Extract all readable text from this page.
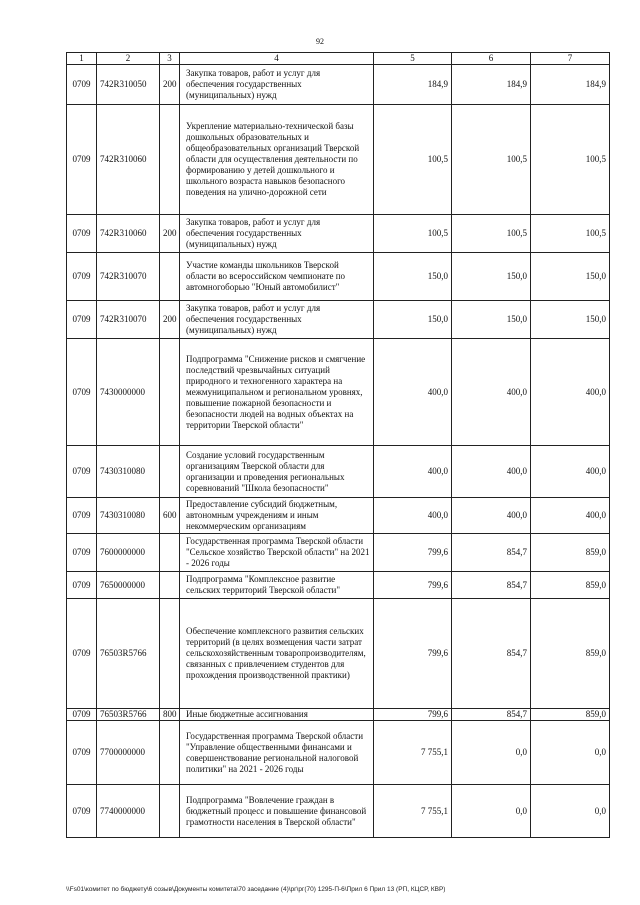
92
1	2	3	4	5	6	7
0709	742R310050	200	Закупка товаров, работ и услуг для обеспечения государственных (муниципальных) нужд	184,9	184,9	184,9
0709	742R310060		Укрепление материально-технической базы дошкольных образовательных и общеобразовательных организаций Тверской области для осуществления деятельности по формированию у детей дошкольного и школьного возраста навыков безопасного поведения на улично-дорожной сети	100,5	100,5	100,5
0709	742R310060	200	Закупка товаров, работ и услуг для обеспечения государственных (муниципальных) нужд	100,5	100,5	100,5
0709	742R310070		Участие команды школьников Тверской области во всероссийском чемпионате по автомногоборью "Юный автомобилист"	150,0	150,0	150,0
0709	742R310070	200	Закупка товаров, работ и услуг для обеспечения государственных (муниципальных) нужд	150,0	150,0	150,0
0709	7430000000		Подпрограмма "Снижение рисков и смягчение последствий чрезвычайных ситуаций природного и техногенного характера на межмуниципальном и региональном уровнях, повышение пожарной безопасности и безопасности людей на водных объектах на территории Тверской области"	400,0	400,0	400,0
0709	7430310080		Создание условий государственным организациям Тверской области для организации и проведения региональных соревнований "Школа безопасности"	400,0	400,0	400,0
0709	7430310080	600	Предоставление субсидий бюджетным, автономным учреждениям и иным некоммерческим организациям	400,0	400,0	400,0
0709	7600000000		Государственная программа Тверской области "Сельское хозяйство Тверской области" на 2021 - 2026 годы	799,6	854,7	859,0
0709	7650000000		Подпрограмма "Комплексное развитие сельских территорий Тверской области"	799,6	854,7	859,0
0709	76503R5766		Обеспечение комплексного развития сельских территорий (в целях возмещения части затрат сельскохозяйственным товаропроизводителям, связанных с привлечением студентов для прохождения производственной практики)	799,6	854,7	859,0
0709	76503R5766	800	Иные бюджетные ассигнования	799,6	854,7	859,0
0709	7700000000		Государственная программа Тверской области "Управление общественными финансами и совершенствование региональной налоговой политики" на 2021 - 2026 годы	7 755,1	0,0	0,0
0709	7740000000		Подпрограмма "Вовлечение граждан в бюджетный процесс и повышение финансовой грамотности населения в Тверской области"	7 755,1	0,0	0,0
\\Fs01\комитет по бюджету\6 созыв\Документы комитета\70 заседание (4)\рг\рг(70) 1295-П-6\Прил 6 Прил 13 (РП, КЦСР, КВР)
